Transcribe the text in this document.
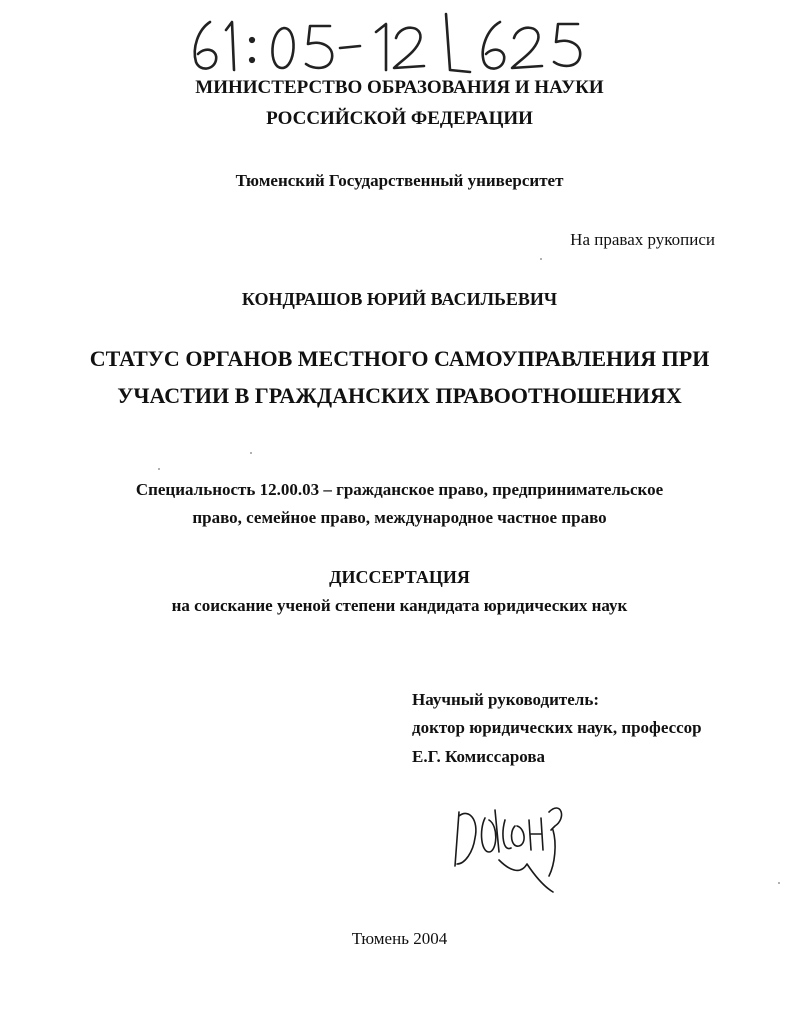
МИНИСТЕРСТВО ОБРАЗОВАНИЯ И НАУКИ
РОССИЙСКОЙ ФЕДЕРАЦИИ
Тюменский Государственный университет
На правах рукописи
КОНДРАШОВ ЮРИЙ ВАСИЛЬЕВИЧ
СТАТУС ОРГАНОВ МЕСТНОГО САМОУПРАВЛЕНИЯ ПРИ
УЧАСТИИ В ГРАЖДАНСКИХ ПРАВООТНОШЕНИЯХ
Специальность 12.00.03 – гражданское право, предпринимательское
право, семейное право, международное частное право
ДИССЕРТАЦИЯ
на соискание ученой степени кандидата юридических наук
Научный руководитель:
доктор юридических наук, профессор
Е.Г. Комиссарова
Тюмень 2004
